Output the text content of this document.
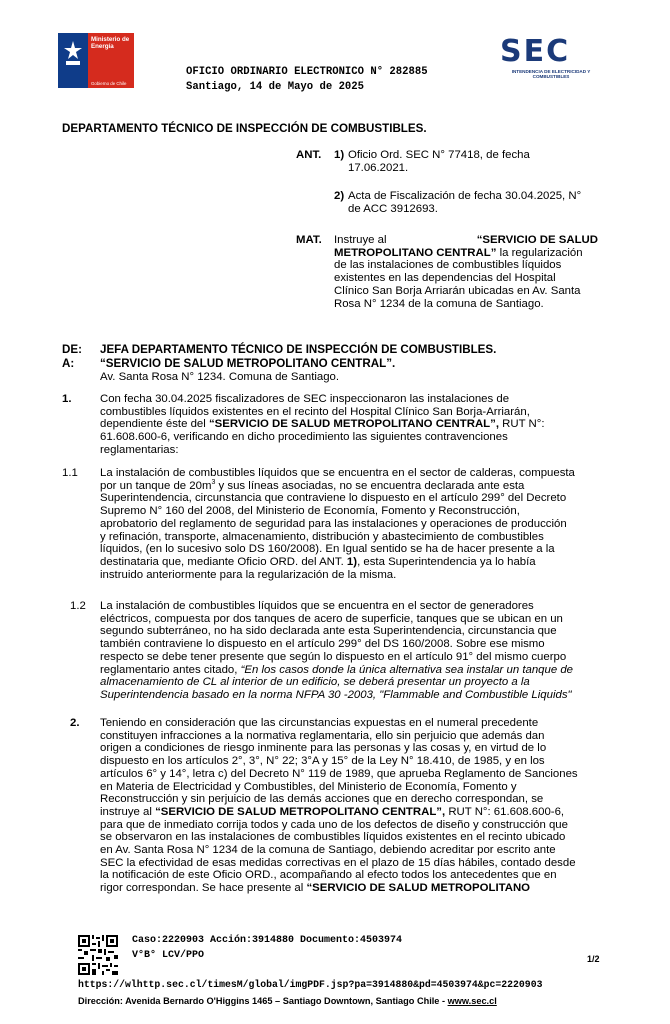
Ministerio de Energía
Gobierno de Chile
OFICIO ORDINARIO ELECTRONICO N° 282885
Santiago, 14 de Mayo de 2025
SEC
INTENDENCIA DE ELECTRICIDAD Y COMBUSTIBLES
DEPARTAMENTO TÉCNICO DE INSPECCIÓN DE COMBUSTIBLES.
ANT. 1) Oficio Ord. SEC N° 77418, de fecha
17.06.2021.
2) Acta de Fiscalización de fecha 30.04.2025, N°
de ACC 3912693.
MAT. Instruye al	“SERVICIO DE SALUD
METROPOLITANO CENTRAL” la regularización
de las instalaciones de combustibles líquidos
existentes en las dependencias del Hospital
Clínico San Borja Arriarán ubicadas en Av. Santa
Rosa N° 1234 de la comuna de Santiago.
DE: JEFA DEPARTAMENTO TÉCNICO DE INSPECCIÓN DE COMBUSTIBLES.
A: “SERVICIO DE SALUD METROPOLITANO CENTRAL”.
Av. Santa Rosa N° 1234. Comuna de Santiago.
1.	Con fecha 30.04.2025 fiscalizadores de SEC inspeccionaron las instalaciones de
combustibles líquidos existentes en el recinto del Hospital Clínico San Borja-Arriarán,
dependiente éste del “SERVICIO DE SALUD METROPOLITANO CENTRAL”, RUT N°:
61.608.600-6, verificando en dicho procedimiento las siguientes contravenciones
reglamentarias:
1.1 La instalación de combustibles líquidos que se encuentra en el sector de calderas, compuesta
por un tanque de $20m^3$ y sus líneas asociadas, no se encuentra declarada ante esta
Superintendencia, circunstancia que contraviene lo dispuesto en el artículo 299° del Decreto
Supremo N° 160 del 2008, del Ministerio de Economía, Fomento y Reconstrucción,
aprobatorio del reglamento de seguridad para las instalaciones y operaciones de producción
y refinación, transporte, almacenamiento, distribución y abastecimiento de combustibles
líquidos, (en lo sucesivo solo DS 160/2008). En Igual sentido se ha de hacer presente a la
destinataria que, mediante Oficio ORD. del ANT. 1), esta Superintendencia ya lo había
instruido anteriormente para la regularización de la misma.
1.2 La instalación de combustibles líquidos que se encuentra en el sector de generadores
eléctricos, compuesta por dos tanques de acero de superficie, tanques que se ubican en un
segundo subterráneo, no ha sido declarada ante esta Superintendencia, circunstancia que
también contraviene lo dispuesto en el artículo 299° del DS 160/2008. Sobre ese mismo
respecto se debe tener presente que según lo dispuesto en el artículo 91° del mismo cuerpo
reglamentario antes citado, “En los casos donde la única alternativa sea instalar un tanque de
almacenamiento de CL al interior de un edificio, se deberá presentar un proyecto a la
Superintendencia basado en la norma NFPA 30 -2003, "Flammable and Combustible Liquids"
2. Teniendo en consideración que las circunstancias expuestas en el numeral precedente
constituyen infracciones a la normativa reglamentaria, ello sin perjuicio que además dan
origen a condiciones de riesgo inminente para las personas y las cosas y, en virtud de lo
dispuesto en los artículos 2°, 3°, N° 22; 3°A y 15° de la Ley N° 18.410, de 1985, y en los
artículos 6° y 14°, letra c) del Decreto N° 119 de 1989, que aprueba Reglamento de Sanciones
en Materia de Electricidad y Combustibles, del Ministerio de Economía, Fomento y
Reconstrucción y sin perjuicio de las demás acciones que en derecho correspondan, se
instruye al “SERVICIO DE SALUD METROPOLITANO CENTRAL”, RUT N°: 61.608.600-6,
para que de inmediato corrija todos y cada uno de los defectos de diseño y construcción que
se observaron en las instalaciones de combustibles líquidos existentes en el recinto ubicado
en Av. Santa Rosa N° 1234 de la comuna de Santiago, debiendo acreditar por escrito ante
SEC la efectividad de esas medidas correctivas en el plazo de 15 días hábiles, contado desde
la notificación de este Oficio ORD., acompañando al efecto todos los antecedentes que en
rigor correspondan. Se hace presente al “SERVICIO DE SALUD METROPOLITANO
Caso:2220903 Acción:3914880 Documento:4503974
V°B° LCV/PPO	1/2
https://wlhttp.sec.cl/timesM/global/imgPDF.jsp?pa=3914880&pd=4503974&pc=2220903
Dirección: Avenida Bernardo O'Higgins 1465 – Santiago Downtown, Santiago Chile - www.sec.cl
